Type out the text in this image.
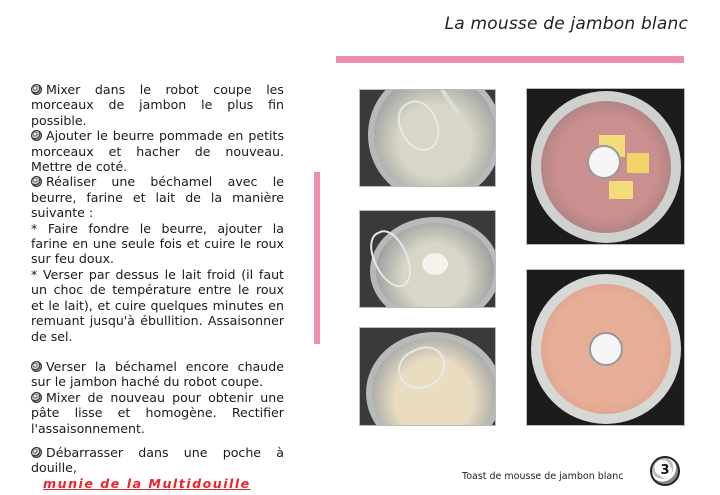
La mousse de jambon blanc

Mixer dans le robot coupe les morceaux de jambon le plus fin possible.

Ajouter le beurre pommade en petits morceaux et hacher de nouveau. Mettre de coté.

Réaliser une béchamel avec le beurre, farine et lait de la manière suivante :

* Faire fondre le beurre, ajouter la farine en une seule fois et cuire le roux sur feu doux.

* Verser par dessus le lait froid (il faut un choc de température entre le roux et le lait), et cuire quelques minutes en remuant jusqu'à ébullition. Assaisonner de sel.

Verser la béchamel encore chaude sur le jambon haché du robot coupe.

Mixer de nouveau pour obtenir une pâte lisse et homogène. Rectifier l'assaisonnement.

Débarrasser dans une poche à douille,

munie de la Multidouille	Toast de mousse de jambon blanc	3
